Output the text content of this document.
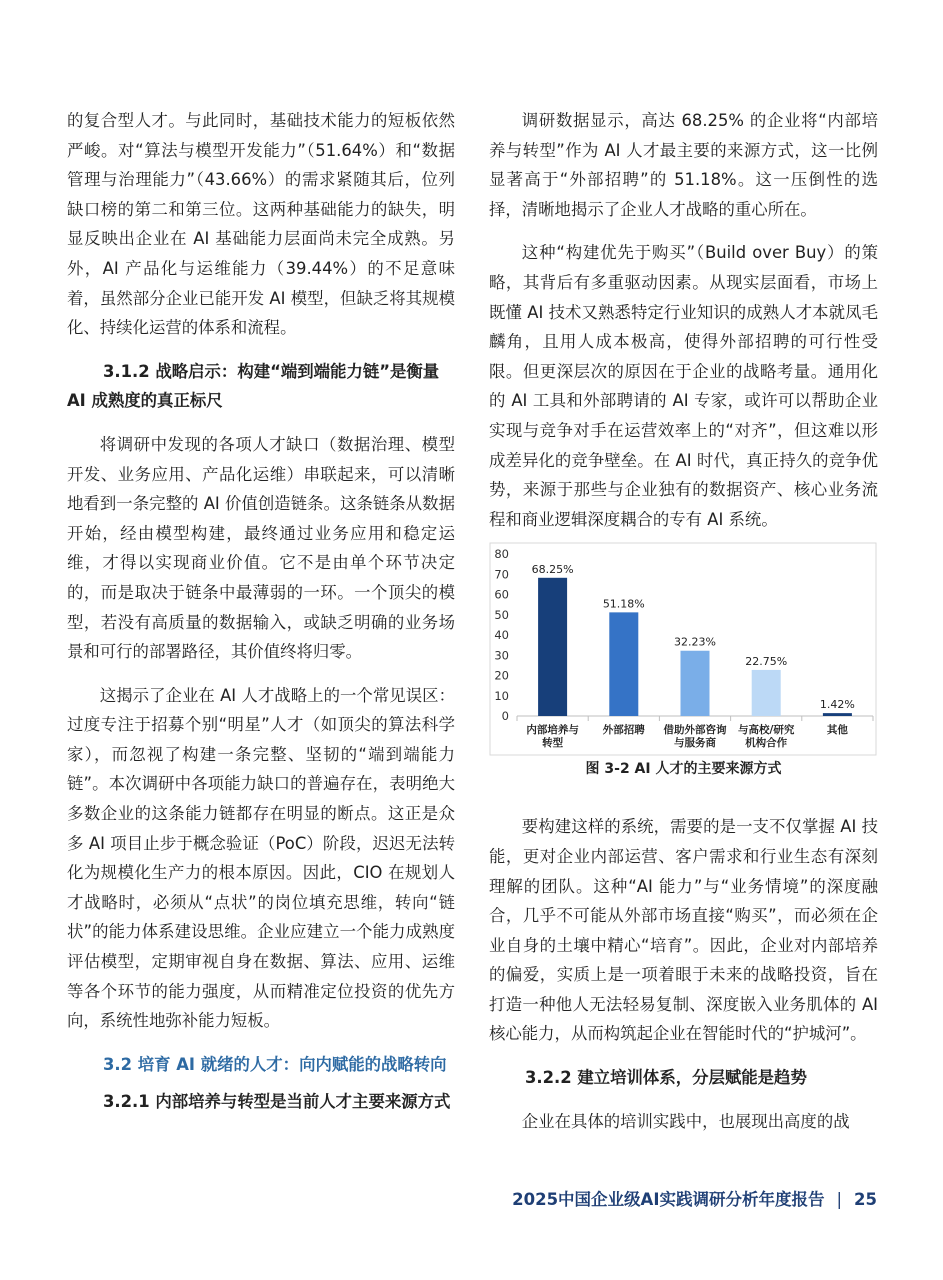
的复合型人才。与此同时，基础技术能力的短板依然严峻。对“算法与模型开发能力”（51.64%）和“数据管理与治理能力”（43.66%）的需求紧随其后，位列缺口榜的第二和第三位。这两种基础能力的缺失，明显反映出企业在 AI 基础能力层面尚未完全成熟。另外，AI 产品化与运维能力（39.44%）的不足意味着，虽然部分企业已能开发 AI 模型，但缺乏将其规模化、持续化运营的体系和流程。

3.1.2 战略启示：构建“端到端能力链”是衡量
AI 成熟度的真正标尺

将调研中发现的各项人才缺口（数据治理、模型开发、业务应用、产品化运维）串联起来，可以清晰地看到一条完整的 AI 价值创造链条。这条链条从数据开始，经由模型构建，最终通过业务应用和稳定运维，才得以实现商业价值。它不是由单个环节决定的，而是取决于链条中最薄弱的一环。一个顶尖的模型，若没有高质量的数据输入，或缺乏明确的业务场景和可行的部署路径，其价值终将归零。

这揭示了企业在 AI 人才战略上的一个常见误区：过度专注于招募个别“明星”人才（如顶尖的算法科学家），而忽视了构建一条完整、坚韧的“端到端能力链”。本次调研中各项能力缺口的普遍存在，表明绝大多数企业的这条能力链都存在明显的断点。这正是众多 AI 项目止步于概念验证（PoC）阶段，迟迟无法转化为规模化生产力的根本原因。因此，CIO 在规划人才战略时，必须从“点状”的岗位填充思维，转向“链状”的能力体系建设思维。企业应建立一个能力成熟度评估模型，定期审视自身在数据、算法、应用、运维等各个环节的能力强度，从而精准定位投资的优先方向，系统性地弥补能力短板。

3.2 培育 AI 就绪的人才：向内赋能的战略转向
3.2.1 内部培养与转型是当前人才主要来源方式

调研数据显示，高达 68.25% 的企业将“内部培养与转型”作为 AI 人才最主要的来源方式，这一比例显著高于“外部招聘”的 51.18%。这一压倒性的选择，清晰地揭示了企业人才战略的重心所在。

这种“构建优先于购买”（Build over Buy）的策略，其背后有多重驱动因素。从现实层面看，市场上既懂 AI 技术又熟悉特定行业知识的成熟人才本就凤毛麟角，且用人成本极高，使得外部招聘的可行性受限。但更深层次的原因在于企业的战略考量。通用化的 AI 工具和外部聘请的 AI 专家，或许可以帮助企业实现与竞争对手在运营效率上的“对齐”，但这难以形成差异化的竞争壁垒。在 AI 时代，真正持久的竞争优势，来源于那些与企业独有的数据资产、核心业务流程和商业逻辑深度耦合的专有 AI 系统。

0
10
20
30
40
50
60
70
80
68.25%
内部培养与
转型
51.18%
外部招聘
32.23%
借助外部咨询
与服务商
22.75%
与高校/研究
机构合作
1.42%
其他
图 3-2 AI 人才的主要来源方式

要构建这样的系统，需要的是一支不仅掌握 AI 技能，更对企业内部运营、客户需求和行业生态有深刻理解的团队。这种“AI 能力”与“业务情境”的深度融合，几乎不可能从外部市场直接“购买”，而必须在企业自身的土壤中精心“培育”。因此，企业对内部培养的偏爱，实质上是一项着眼于未来的战略投资，旨在打造一种他人无法轻易复制、深度嵌入业务肌体的 AI 核心能力，从而构筑起企业在智能时代的“护城河”。

3.2.2 建立培训体系，分层赋能是趋势

企业在具体的培训实践中，也展现出高度的战

2025中国企业级AI实践调研分析年度报告 | 25
